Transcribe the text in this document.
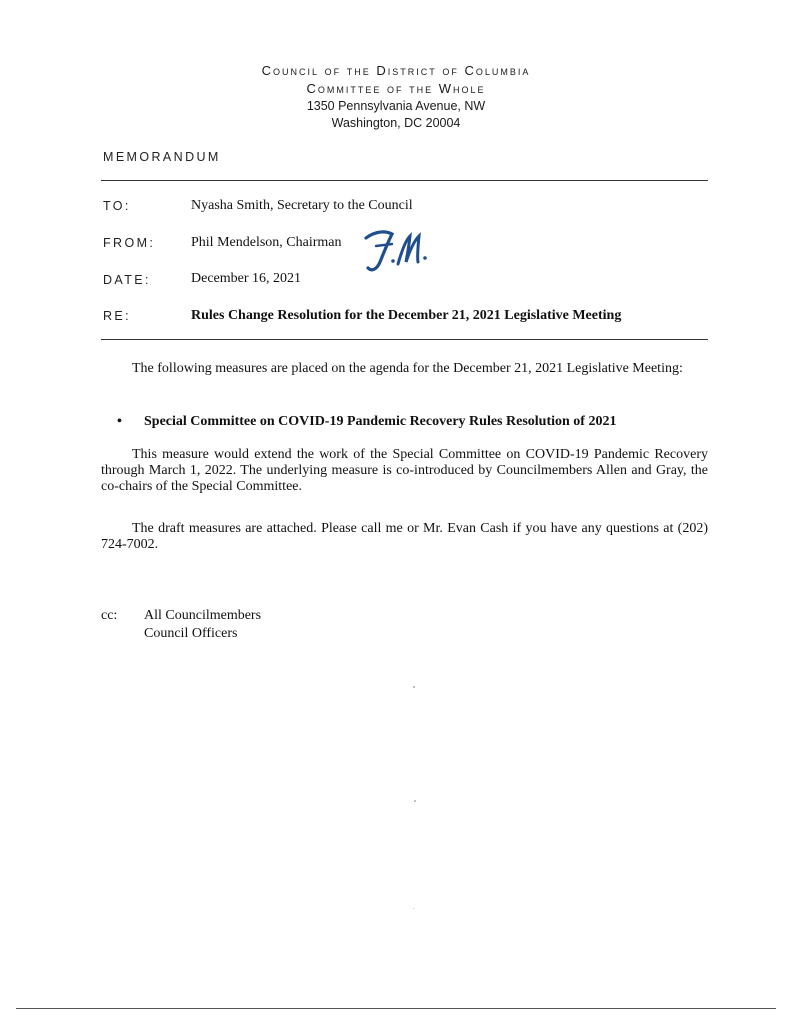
Council of the District of Columbia
Committee of the Whole
1350 Pennsylvania Avenue, NW
Washington, DC 20004
MEMORANDUM
TO:	Nyasha Smith, Secretary to the Council
FROM:	Phil Mendelson, Chairman
DATE:	December 16, 2021
RE:	Rules Change Resolution for the December 21, 2021 Legislative Meeting
The following measures are placed on the agenda for the December 21, 2021 Legislative Meeting:
• Special Committee on COVID-19 Pandemic Recovery Rules Resolution of 2021
This measure would extend the work of the Special Committee on COVID-19 Pandemic Recovery through March 1, 2022. The underlying measure is co-introduced by Councilmembers Allen and Gray, the co-chairs of the Special Committee.
The draft measures are attached. Please call me or Mr. Evan Cash if you have any questions at (202) 724-7002.
cc: All Councilmembers
Council Officers
